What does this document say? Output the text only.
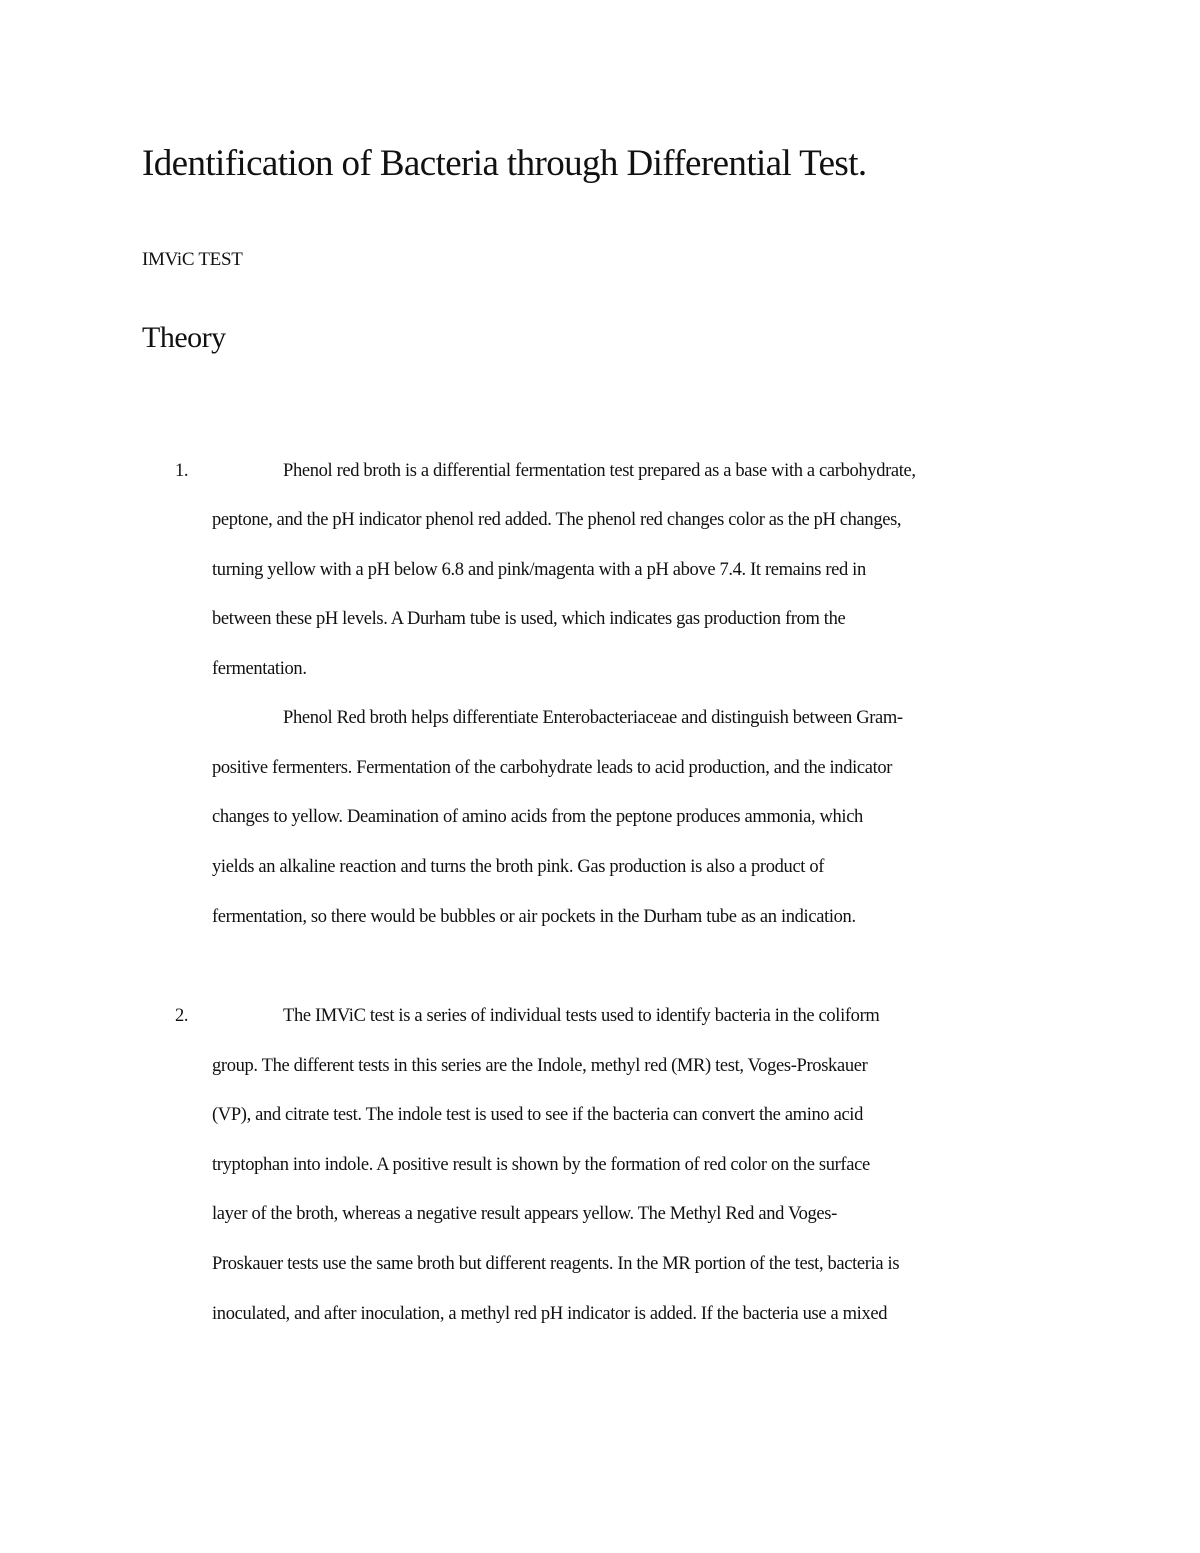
Identification of Bacteria through Differential Test.
IMViC TEST
Theory
1.	Phenol red broth is a differential fermentation test prepared as a base with a carbohydrate,
peptone, and the pH indicator phenol red added. The phenol red changes color as the pH changes,
turning yellow with a pH below 6.8 and pink/magenta with a pH above 7.4. It remains red in
between these pH levels. A Durham tube is used, which indicates gas production from the
fermentation.
Phenol Red broth helps differentiate Enterobacteriaceae and distinguish between Gram-
positive fermenters. Fermentation of the carbohydrate leads to acid production, and the indicator
changes to yellow. Deamination of amino acids from the peptone produces ammonia, which
yields an alkaline reaction and turns the broth pink. Gas production is also a product of
fermentation, so there would be bubbles or air pockets in the Durham tube as an indication.
2.	The IMViC test is a series of individual tests used to identify bacteria in the coliform
group. The different tests in this series are the Indole, methyl red (MR) test, Voges-Proskauer
(VP), and citrate test. The indole test is used to see if the bacteria can convert the amino acid
tryptophan into indole. A positive result is shown by the formation of red color on the surface
layer of the broth, whereas a negative result appears yellow. The Methyl Red and Voges-
Proskauer tests use the same broth but different reagents. In the MR portion of the test, bacteria is
inoculated, and after inoculation, a methyl red pH indicator is added. If the bacteria use a mixed
